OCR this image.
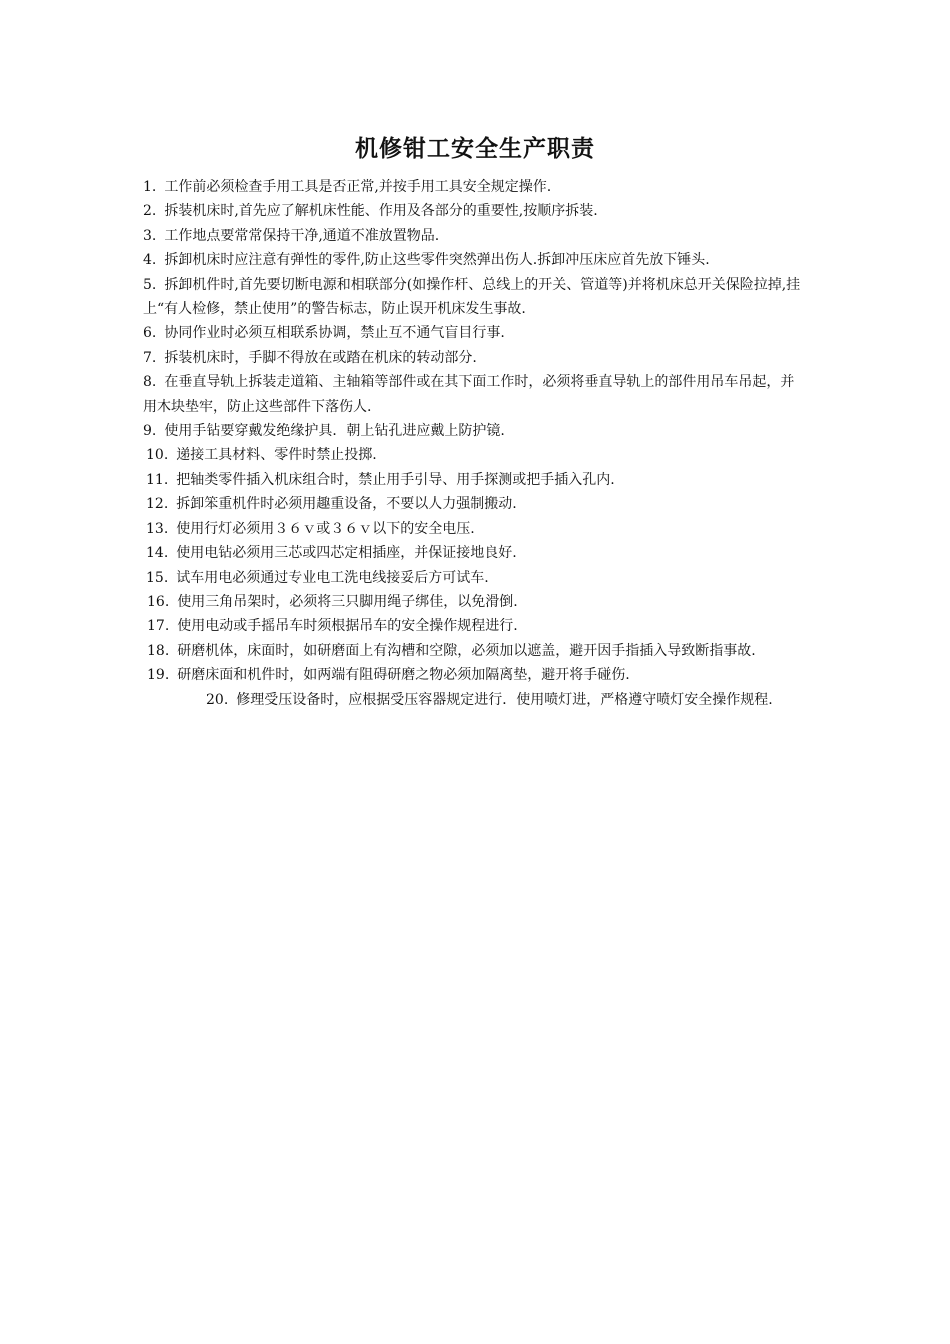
机修钳工安全生产职责
1. 工作前必须检查手用工具是否正常,并按手用工具安全规定操作.
2. 拆装机床时,首先应了解机床性能、作用及各部分的重要性,按顺序拆装.
3. 工作地点要常常保持干净,通道不准放置物品.
4. 拆卸机床时应注意有弹性的零件,防止这些零件突然弹出伤人.拆卸冲压床应首先放下锤头.
5. 拆卸机件时,首先要切断电源和相联部分(如操作杆、总线上的开关、管道等)并将机床总开关保险拉掉,挂上“有人检修，禁止使用”的警告标志，防止误开机床发生事故.
6. 协同作业时必须互相联系协调，禁止互不通气盲目行事.
7. 拆装机床时，手脚不得放在或踏在机床的转动部分.
8. 在垂直导轨上拆装走道箱、主轴箱等部件或在其下面工作时，必须将垂直导轨上的部件用吊车吊起，并用木块垫牢，防止这些部件下落伤人.
9. 使用手钻要穿戴发绝缘护具．朝上钻孔进应戴上防护镜.
10. 递接工具材料、零件时禁止投掷.
11. 把轴类零件插入机床组合时，禁止用手引导、用手探测或把手插入孔内.
12. 拆卸笨重机件时必须用趣重设备，不要以人力强制搬动.
13. 使用行灯必须用３６ｖ或３６ｖ以下的安全电压.
14. 使用电钻必须用三芯或四芯定相插座，并保证接地良好.
15. 试车用电必须通过专业电工洗电线接妥后方可试车.
16. 使用三角吊架时，必须将三只脚用绳子绑佳，以免滑倒.
17. 使用电动或手摇吊车时须根据吊车的安全操作规程进行.
18. 研磨机体，床面时，如研磨面上有沟槽和空隙，必须加以遮盖，避开因手指插入导致断指事故.
19. 研磨床面和机件时，如两端有阻碍研磨之物必须加隔离垫，避开将手碰伤.
20. 修理受压设备时，应根据受压容器规定进行．使用喷灯进，严格遵守喷灯安全操作规程.
